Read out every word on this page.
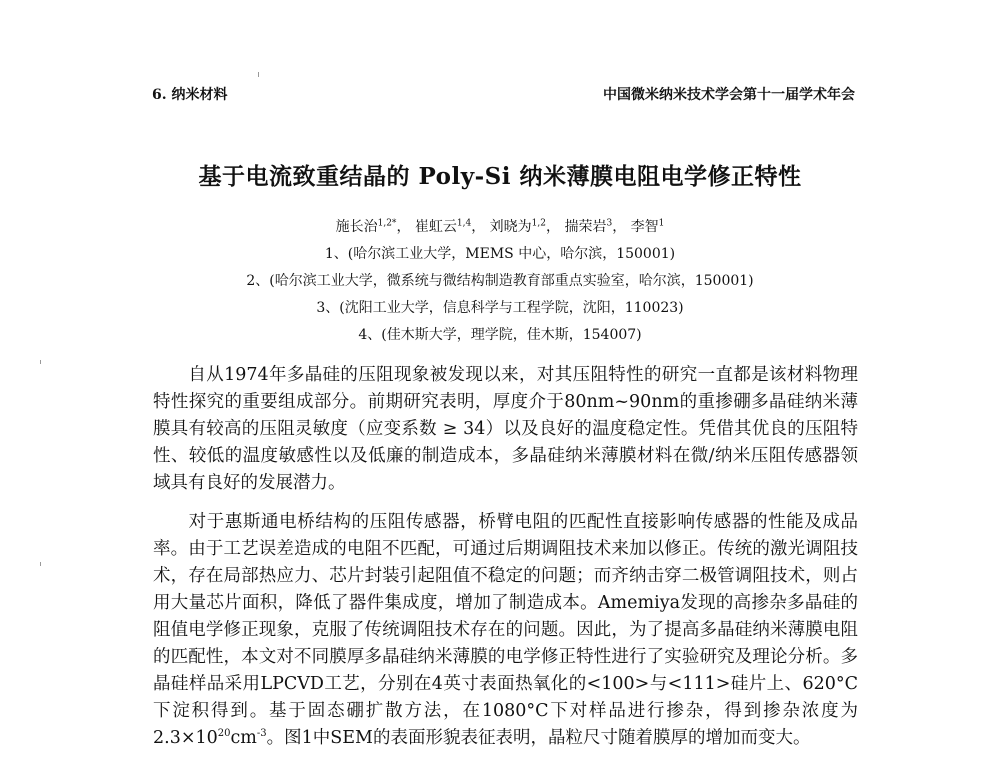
6. 纳米材料	中国微米纳米技术学会第十一届学术年会
基于电流致重结晶的 Poly-Si 纳米薄膜电阻电学修正特性
施长治$^{1,2*}$， 崔虹云$^{1,4}$， 刘晓为$^{1,2}$， 揣荣岩$^3$， 李智$^1$
1、(哈尔滨工业大学，MEMS 中心，哈尔滨，150001)
2、(哈尔滨工业大学，微系统与微结构制造教育部重点实验室，哈尔滨，150001)
3、(沈阳工业大学，信息科学与工程学院，沈阳，110023)
4、(佳木斯大学，理学院，佳木斯，154007)

自从1974年多晶硅的压阻现象被发现以来，对其压阻特性的研究一直都是该材料物理特性探究的重要组成部分。前期研究表明，厚度介于80nm~90nm的重掺硼多晶硅纳米薄膜具有较高的压阻灵敏度（应变系数 ≥ 34）以及良好的温度稳定性。凭借其优良的压阻特性、较低的温度敏感性以及低廉的制造成本，多晶硅纳米薄膜材料在微/纳米压阻传感器领域具有良好的发展潜力。

对于惠斯通电桥结构的压阻传感器，桥臂电阻的匹配性直接影响传感器的性能及成品率。由于工艺误差造成的电阻不匹配，可通过后期调阻技术来加以修正。传统的激光调阻技术，存在局部热应力、芯片封装引起阻值不稳定的问题；而齐纳击穿二极管调阻技术，则占用大量芯片面积，降低了器件集成度，增加了制造成本。Amemiya发现的高掺杂多晶硅的阻值电学修正现象，克服了传统调阻技术存在的问题。因此，为了提高多晶硅纳米薄膜电阻的匹配性，本文对不同膜厚多晶硅纳米薄膜的电学修正特性进行了实验研究及理论分析。多晶硅样品采用LPCVD工艺，分别在4英寸表面热氧化的<100>与<111>硅片上、620°C下淀积得到。基于固态硼扩散方法，在1080°C下对样品进行掺杂，得到掺杂浓度为$2.3\times 10^{20}cm^{-3}$。图1中SEM的表面形貌表征表明，晶粒尺寸随着膜厚的增加而变大。
